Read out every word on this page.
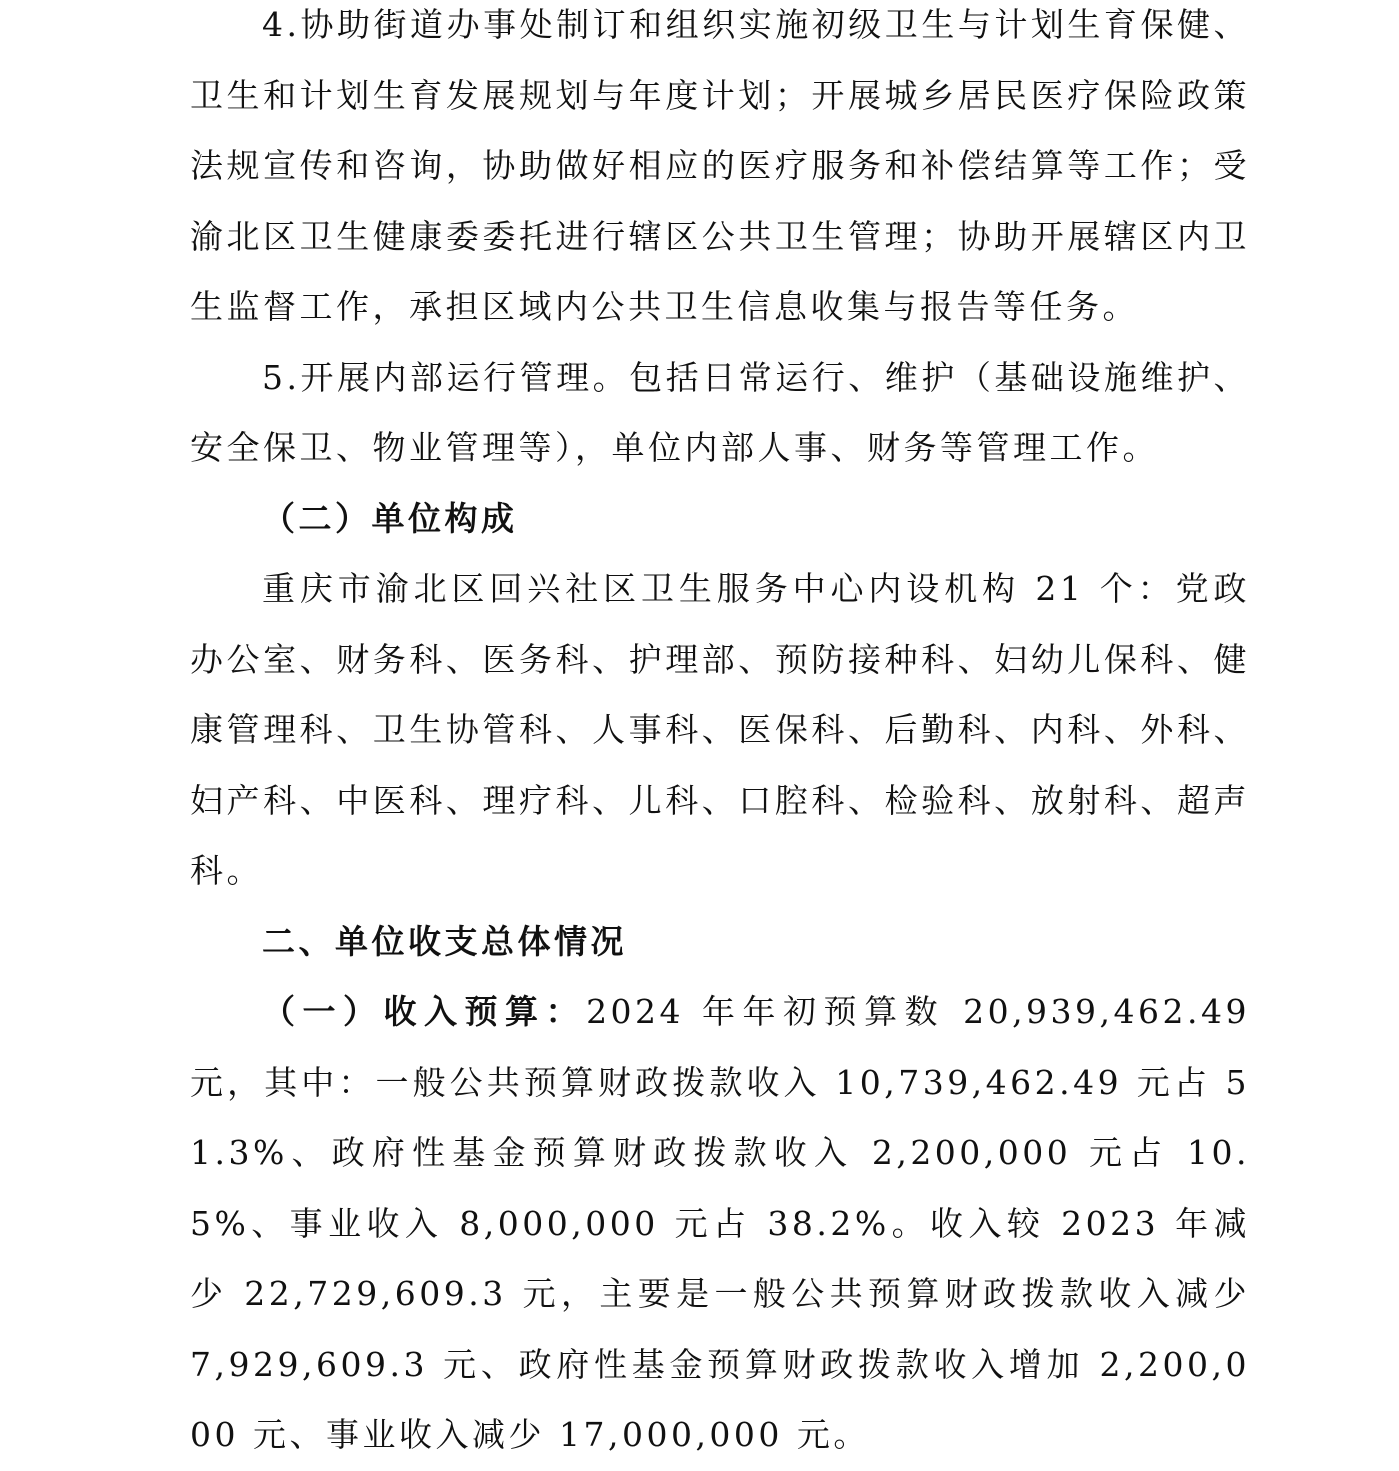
4.协助街道办事处制订和组织实施初级卫生与计划生育保健、卫生和计划生育发展规划与年度计划；开展城乡居民医疗保险政策法规宣传和咨询，协助做好相应的医疗服务和补偿结算等工作；受渝北区卫生健康委委托进行辖区公共卫生管理；协助开展辖区内卫生监督工作，承担区域内公共卫生信息收集与报告等任务。

5.开展内部运行管理。包括日常运行、维护（基础设施维护、安全保卫、物业管理等），单位内部人事、财务等管理工作。

（二）单位构成

重庆市渝北区回兴社区卫生服务中心内设机构 21 个：党政办公室、财务科、医务科、护理部、预防接种科、妇幼儿保科、健康管理科、卫生协管科、人事科、医保科、后勤科、内科、外科、妇产科、中医科、理疗科、儿科、口腔科、检验科、放射科、超声科。

二、单位收支总体情况

（一）收入预算：2024 年年初预算数 20,939,462.49 元，其中：一般公共预算财政拨款收入 10,739,462.49 元占 51.3%、政府性基金预算财政拨款收入 2,200,000 元占 10.5%、事业收入 8,000,000 元占 38.2%。收入较 2023 年减少 22,729,609.3 元，主要是一般公共预算财政拨款收入减少 7,929,609.3 元、政府性基金预算财政拨款收入增加 2,200,000 元、事业收入减少 17,000,000 元。
